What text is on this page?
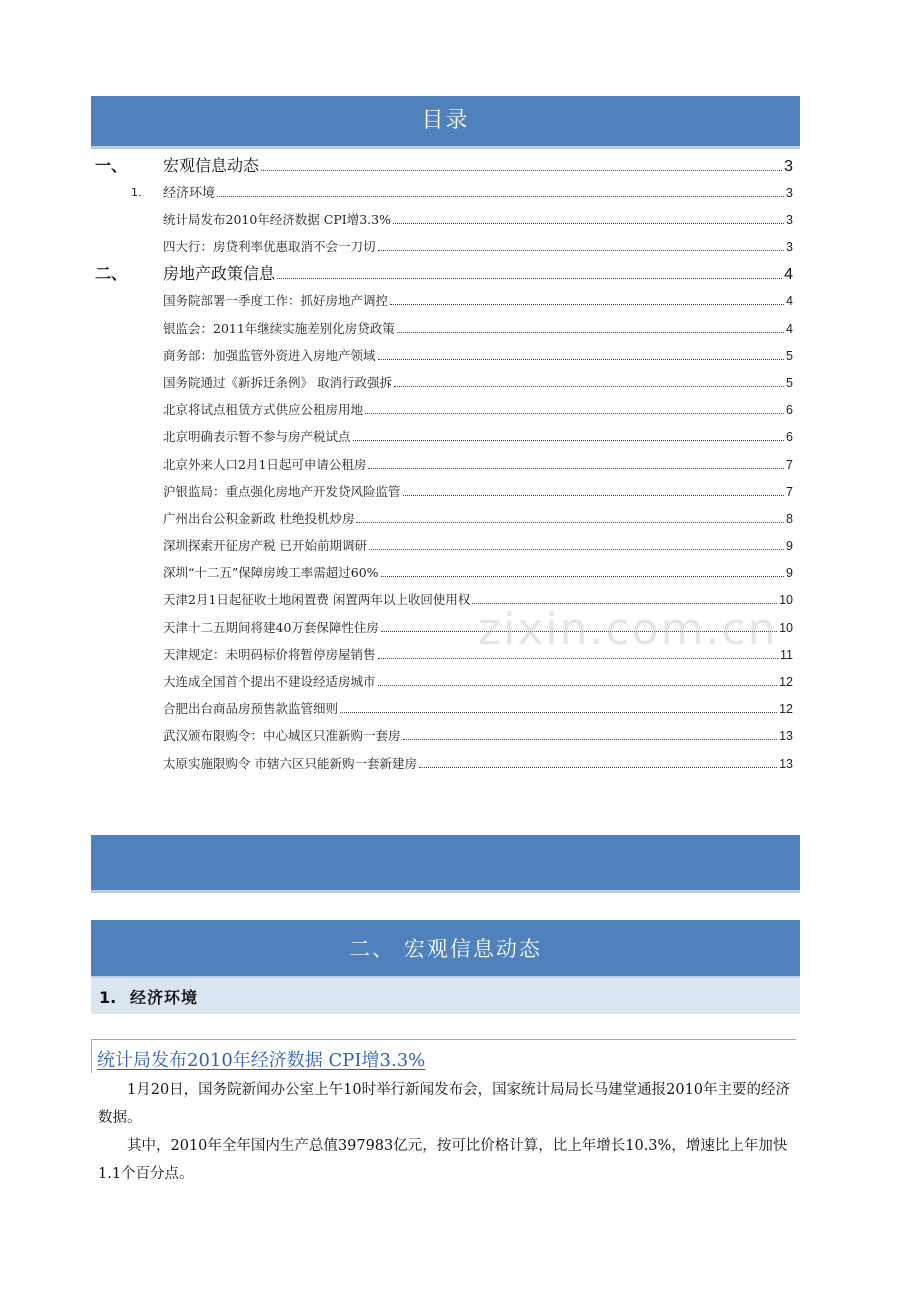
目录
一、 宏观信息动态	3
1. 经济环境	3
统计局发布2010年经济数据 CPI增3.3%	3
四大行：房贷利率优惠取消不会一刀切	3
二、 房地产政策信息	4
国务院部署一季度工作：抓好房地产调控	4
银监会：2011年继续实施差别化房贷政策	4
商务部：加强监管外资进入房地产领域	5
国务院通过《新拆迁条例》 取消行政强拆	5
北京将试点租赁方式供应公租房用地	6
北京明确表示暂不参与房产税试点	6
北京外来人口2月1日起可申请公租房	7
沪银监局：重点强化房地产开发贷风险监管	7
广州出台公积金新政 杜绝投机炒房	8
深圳探索开征房产税 已开始前期调研	9
深圳“十二五”保障房竣工率需超过60%	9
天津2月1日起征收土地闲置费 闲置两年以上收回使用权	10
天津十二五期间将建40万套保障性住房	10
天津规定：未明码标价将暂停房屋销售	11
大连成全国首个提出不建设经适房城市	12
合肥出台商品房预售款监管细则	12
武汉颁布限购令：中心城区只准新购一套房	13
太原实施限购令 市辖六区只能新购一套新建房	13
zixin.com.cn
二、 宏观信息动态
1. 经济环境
统计局发布2010年经济数据 CPI增3.3%

1月20日，国务院新闻办公室上午10时举行新闻发布会，国家统计局局长马建堂通报2010年主要的经济数据。

其中，2010年全年国内生产总值397983亿元，按可比价格计算，比上年增长10.3%，增速比上年加快1.1个百分点。
